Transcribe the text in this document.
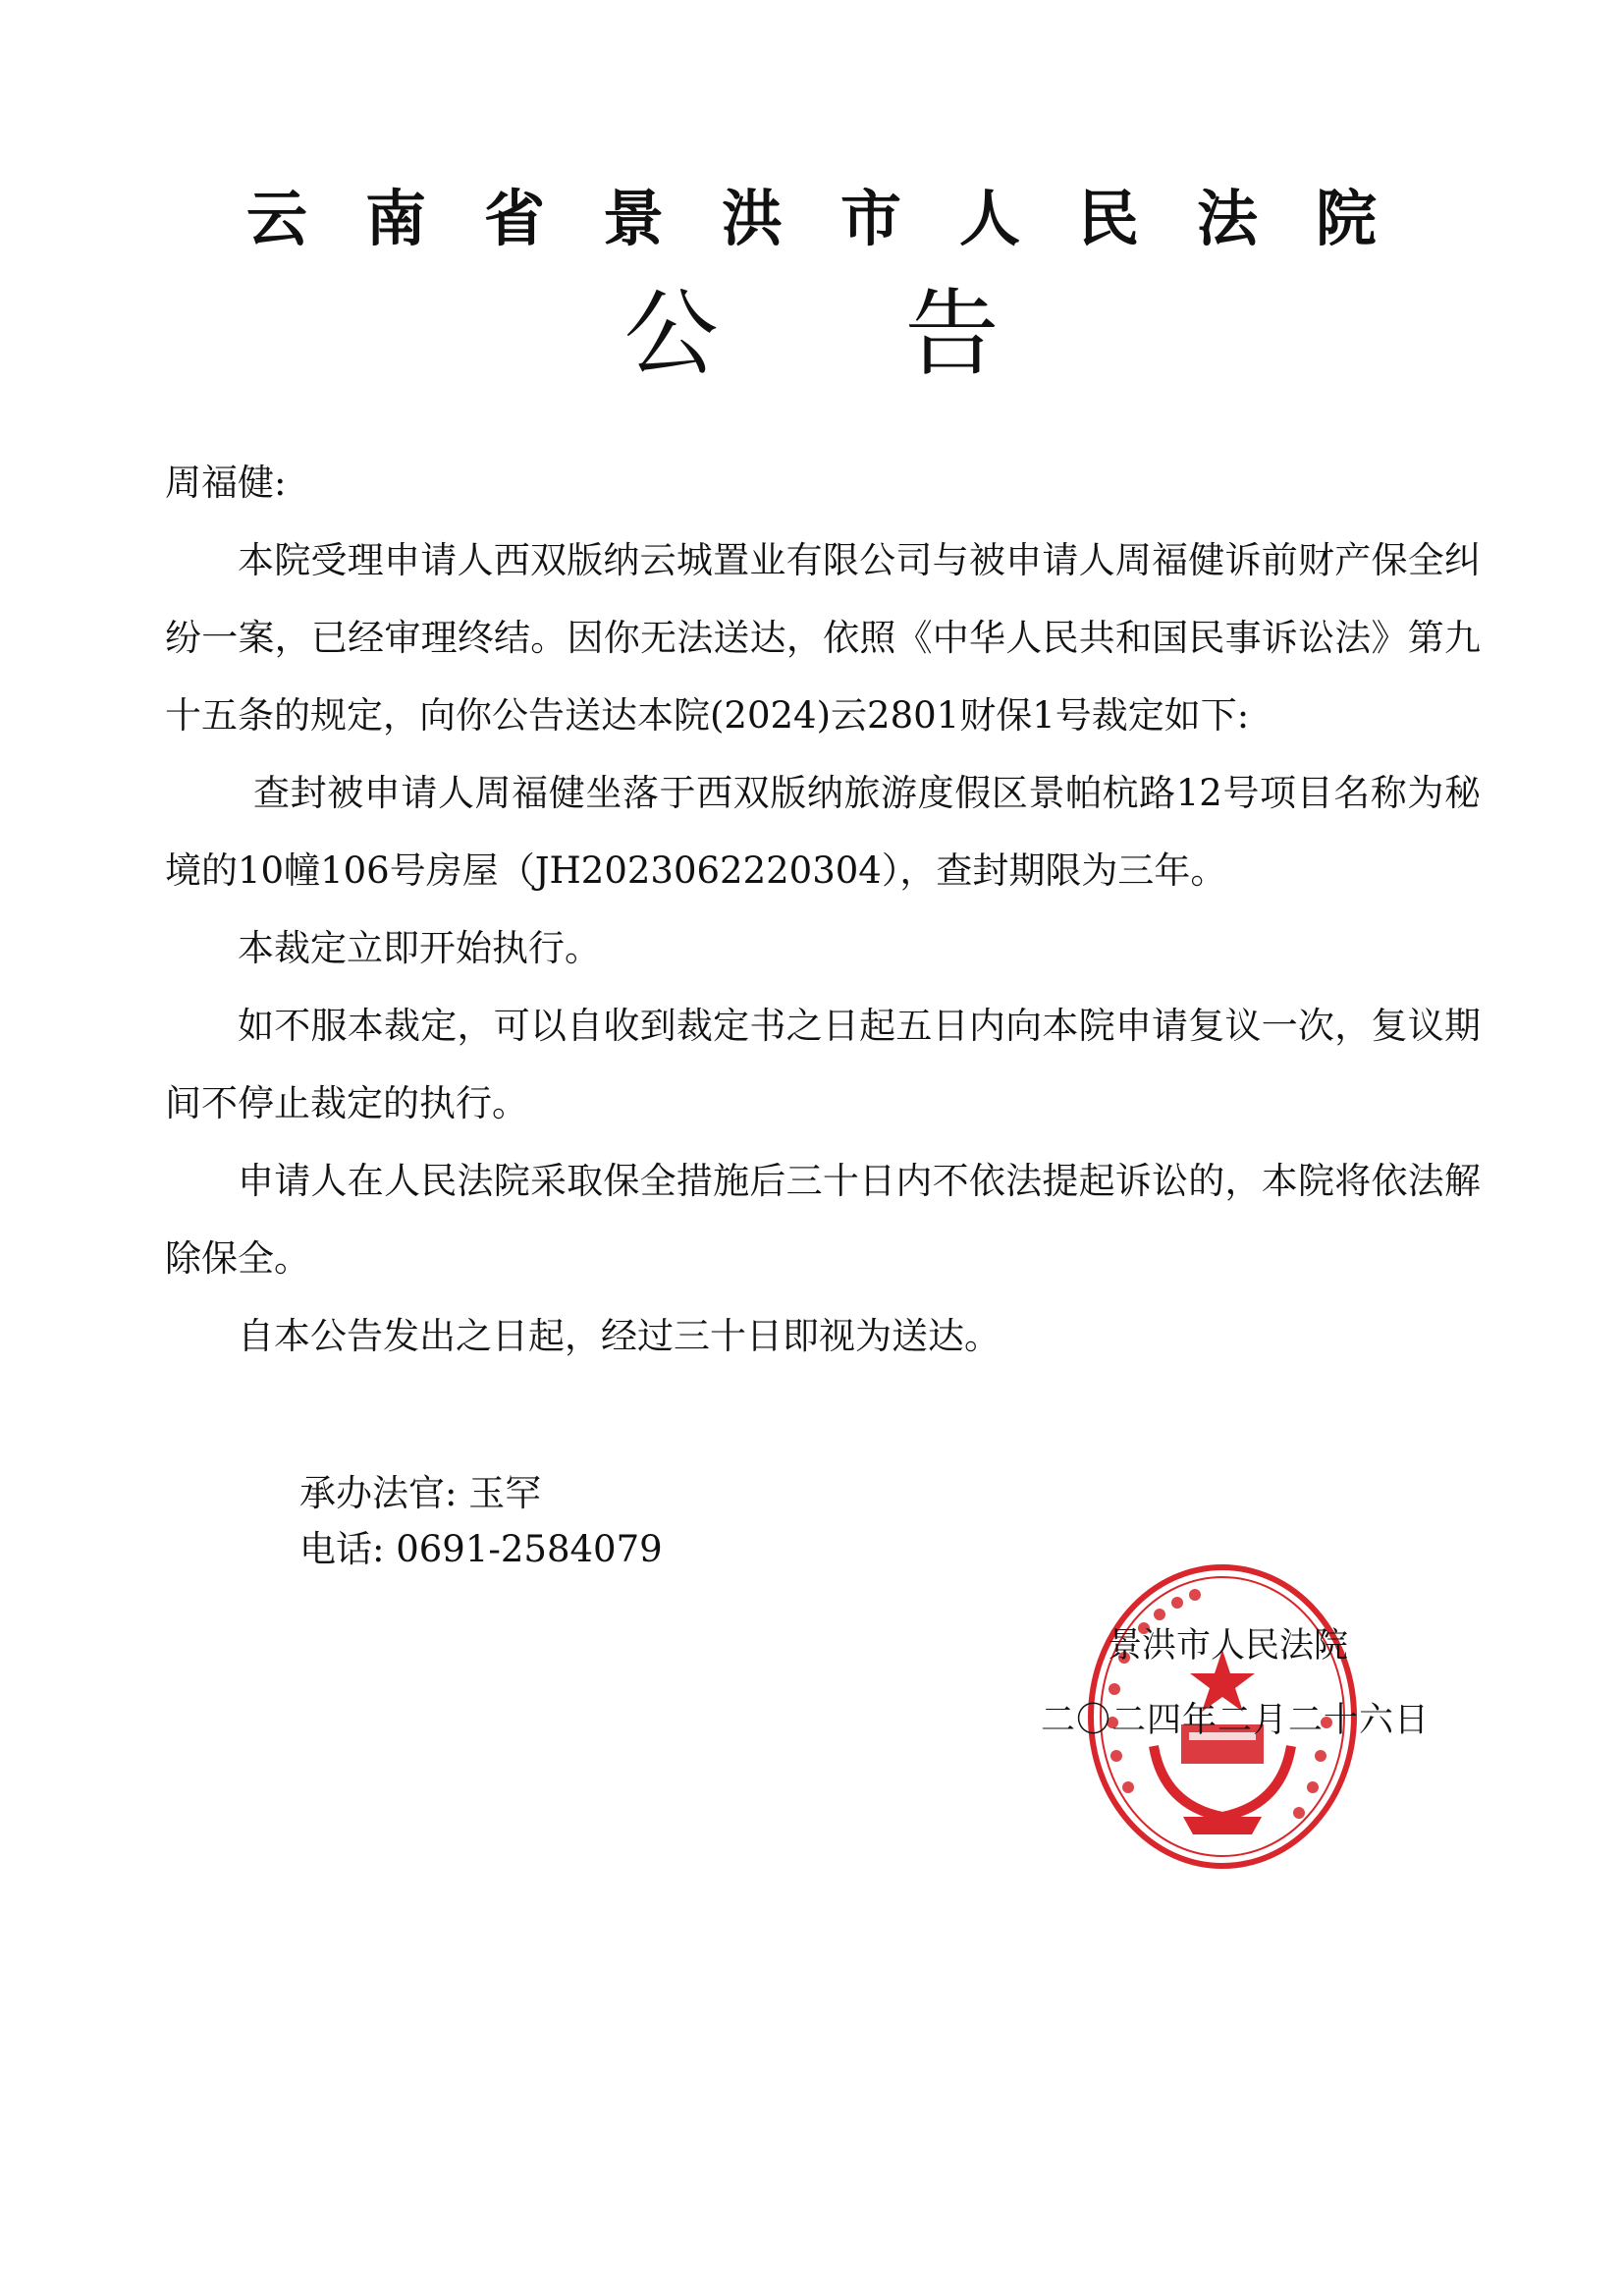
云南省景洪市人民法院
公告

周福健:

本院受理申请人西双版纳云城置业有限公司与被申请人周福健诉前财产保全纠纷一案，已经审理终结。因你无法送达，依照《中华人民共和国民事诉讼法》第九十五条的规定，向你公告送达本院(2024)云2801财保1号裁定如下:

查封被申请人周福健坐落于西双版纳旅游度假区景帕杭路12号项目名称为秘境的10幢106号房屋（JH2023062220304），查封期限为三年。

本裁定立即开始执行。

如不服本裁定，可以自收到裁定书之日起五日内向本院申请复议一次，复议期间不停止裁定的执行。

申请人在人民法院采取保全措施后三十日内不依法提起诉讼的，本院将依法解除保全。

自本公告发出之日起，经过三十日即视为送达。

承办法官: 玉罕
电话: 0691-2584079
景洪市人民法院
二〇二四年二月二十六日
